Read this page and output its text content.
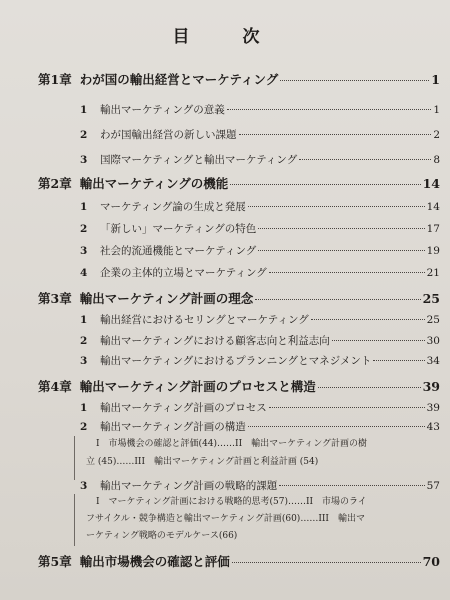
目　次
第1章 わが国の輸出経営とマーケティング	1
1 輸出マーケティングの意義	1
2 わが国輸出経営の新しい課題	2
3 国際マーケティングと輸出マーケティング	8
第2章 輸出マーケティングの機能	14
1 マーケティング論の生成と発展	14
2 「新しい」マーケティングの特色	17
3 社会的流通機能とマーケティング	19
4 企業の主体的立場とマーケティング	21
第3章 輸出マーケティング計画の理念	25
1 輸出経営におけるセリングとマーケティング	25
2 輸出マーケティングにおける顧客志向と利益志向	30
3 輸出マーケティングにおけるプランニングとマネジメント	34
第4章 輸出マーケティング計画のプロセスと構造	39
1 輸出マーケティング計画のプロセス	39
2 輸出マーケティング計画の構造	43
I　市場機会の確認と評価(44)……II　輸出マーケティング計画の樹
立 (45)……III　輸出マーケティング計画と利益計画 (54)
3 輸出マーケティング計画の戦略的課題	57
I　マーケティング計画における戦略的思考(57)……II　市場のライ
フサイクル・競争構造と輸出マーケティング計画(60)……III　輸出マ
ーケティング戦略のモデルケース(66)
第5章 輸出市場機会の確認と評価	70
